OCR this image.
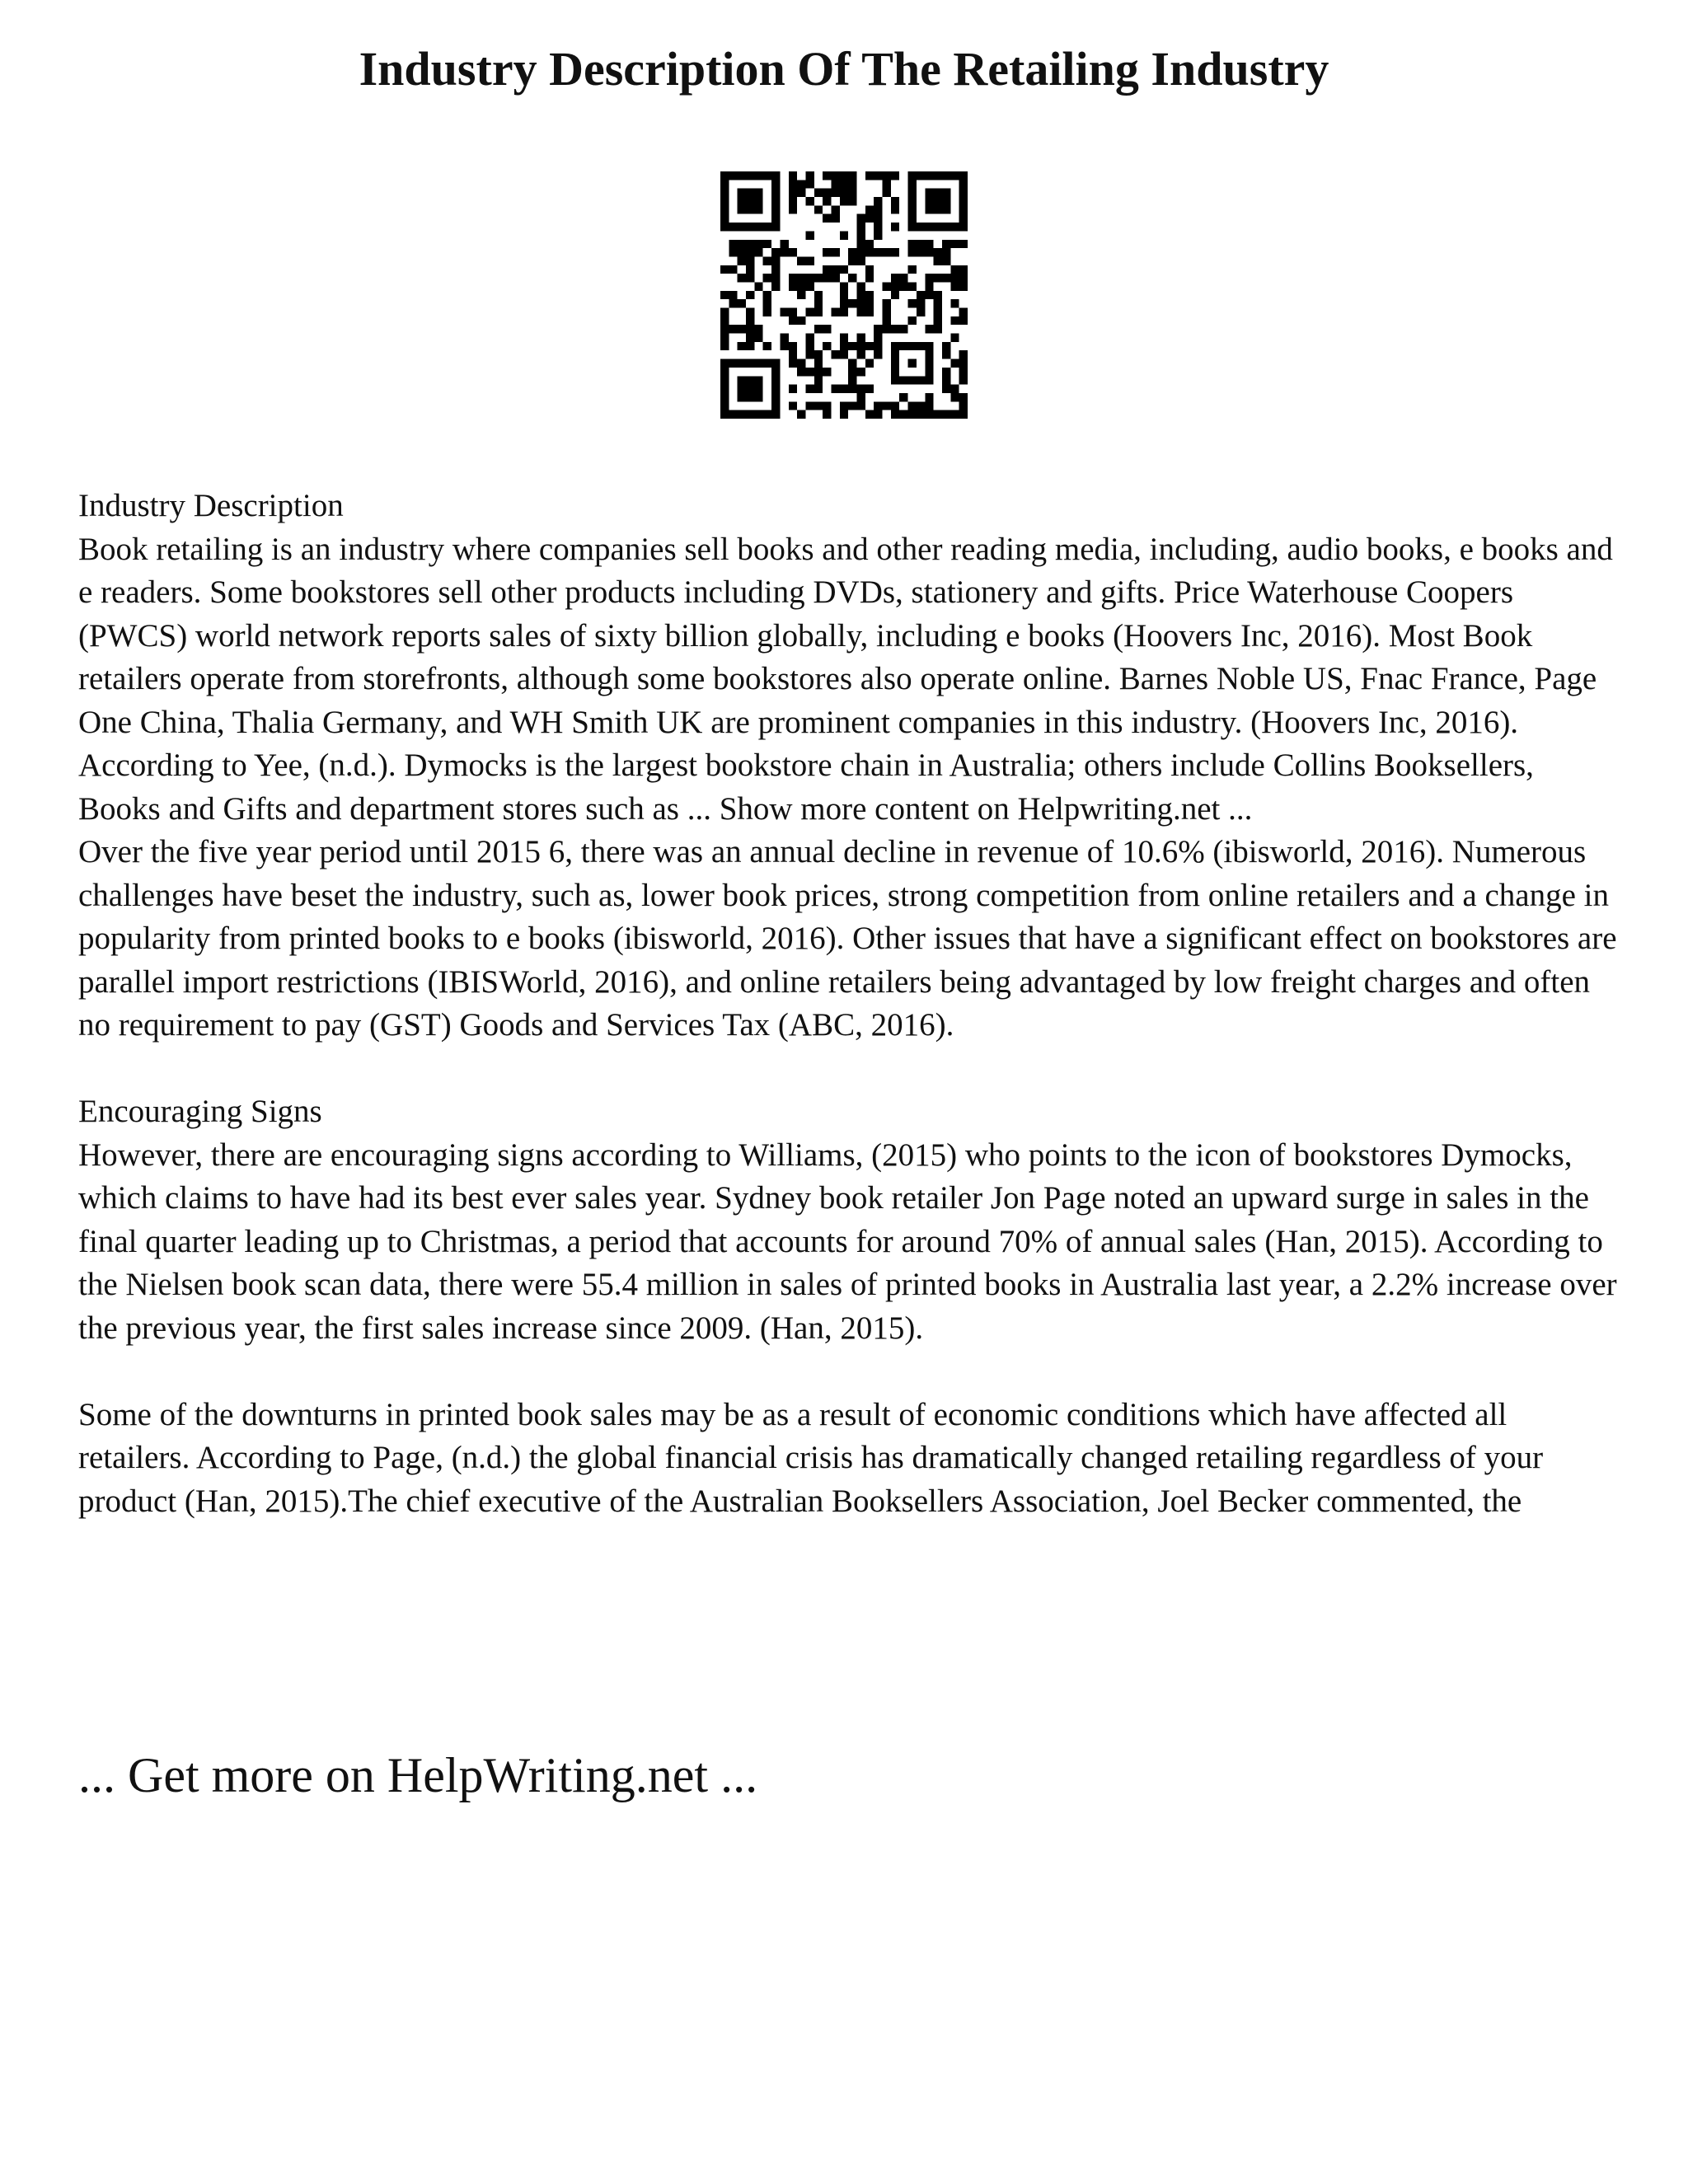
Industry Description Of The Retailing Industry

Industry Description

Book retailing is an industry where companies sell books and other reading media, including, audio books, e books and e readers. Some bookstores sell other products including DVDs, stationery and gifts. Price Waterhouse Coopers (PWCS) world network reports sales of sixty billion globally, including e books (Hoovers Inc, 2016). Most Book retailers operate from storefronts, although some bookstores also operate online. Barnes Noble US, Fnac France, Page One China, Thalia Germany, and WH Smith UK are prominent companies in this industry. (Hoovers Inc, 2016). According to Yee, (n.d.). Dymocks is the largest bookstore chain in Australia; others include Collins Booksellers, Books and Gifts and department stores such as ... Show more content on Helpwriting.net ...

Over the five year period until 2015 6, there was an annual decline in revenue of 10.6% (ibisworld, 2016). Numerous challenges have beset the industry, such as, lower book prices, strong competition from online retailers and a change in popularity from printed books to e books (ibisworld, 2016). Other issues that have a significant effect on bookstores are parallel import restrictions (IBISWorld, 2016), and online retailers being advantaged by low freight charges and often no requirement to pay (GST) Goods and Services Tax (ABC, 2016).

Encouraging Signs

However, there are encouraging signs according to Williams, (2015) who points to the icon of bookstores Dymocks, which claims to have had its best ever sales year. Sydney book retailer Jon Page noted an upward surge in sales in the final quarter leading up to Christmas, a period that accounts for around 70% of annual sales (Han, 2015). According to the Nielsen book scan data, there were 55.4 million in sales of printed books in Australia last year, a 2.2% increase over the previous year, the first sales increase since 2009. (Han, 2015).

Some of the downturns in printed book sales may be as a result of economic conditions which have affected all retailers. According to Page, (n.d.) the global financial crisis has dramatically changed retailing regardless of your product (Han, 2015).The chief executive of the Australian Booksellers Association, Joel Becker commented, the

... Get more on HelpWriting.net ...
